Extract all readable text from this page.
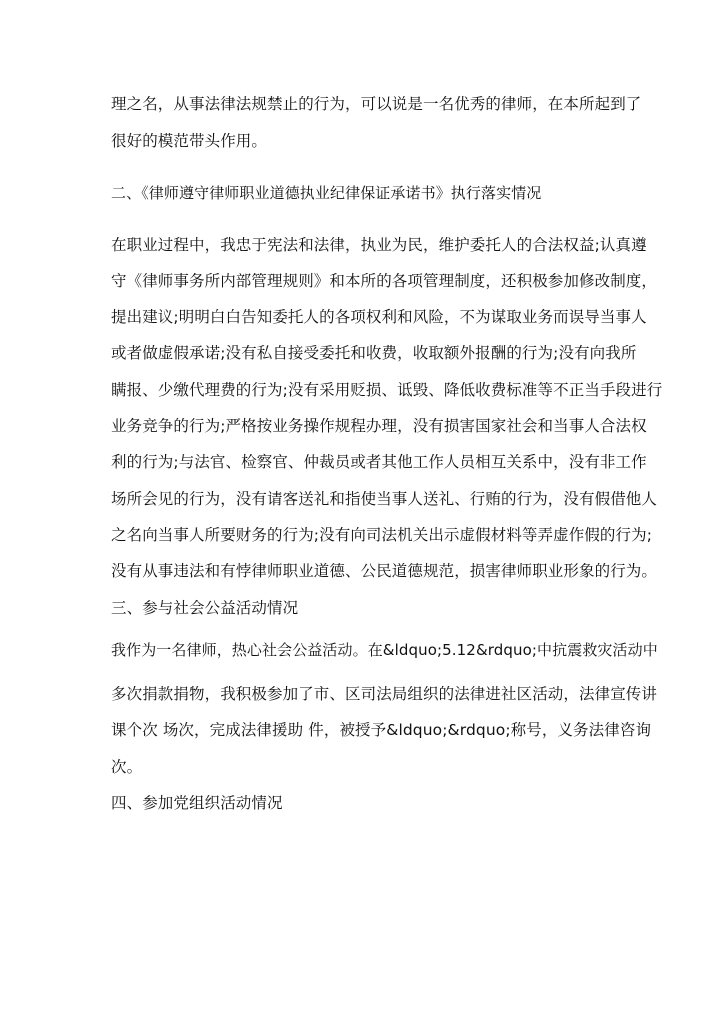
理之名，从事法律法规禁止的行为，可以说是一名优秀的律师，在本所起到了

很好的模范带头作用。

二、《律师遵守律师职业道德执业纪律保证承诺书》执行落实情况

在职业过程中，我忠于宪法和法律，执业为民，维护委托人的合法权益;认真遵

守《律师事务所内部管理规则》和本所的各项管理制度，还积极参加修改制度，

提出建议;明明白白告知委托人的各项权利和风险，不为谋取业务而误导当事人

或者做虚假承诺;没有私自接受委托和收费，收取额外报酬的行为;没有向我所

瞒报、少缴代理费的行为;没有采用贬损、诋毁、降低收费标准等不正当手段进行

业务竞争的行为;严格按业务操作规程办理，没有损害国家社会和当事人合法权

利的行为;与法官、检察官、仲裁员或者其他工作人员相互关系中，没有非工作

场所会见的行为，没有请客送礼和指使当事人送礼、行贿的行为，没有假借他人

之名向当事人所要财务的行为;没有向司法机关出示虚假材料等弄虚作假的行为;

没有从事违法和有悖律师职业道德、公民道德规范，损害律师职业形象的行为。

三、参与社会公益活动情况

我作为一名律师，热心社会公益活动。在&ldquo;5.12&rdquo;中抗震救灾活动中

多次捐款捐物，我积极参加了市、区司法局组织的法律进社区活动，法律宣传讲

课个次 场次，完成法律援助 件，被授予&ldquo;&rdquo;称号，义务法律咨询

次。

四、参加党组织活动情况
